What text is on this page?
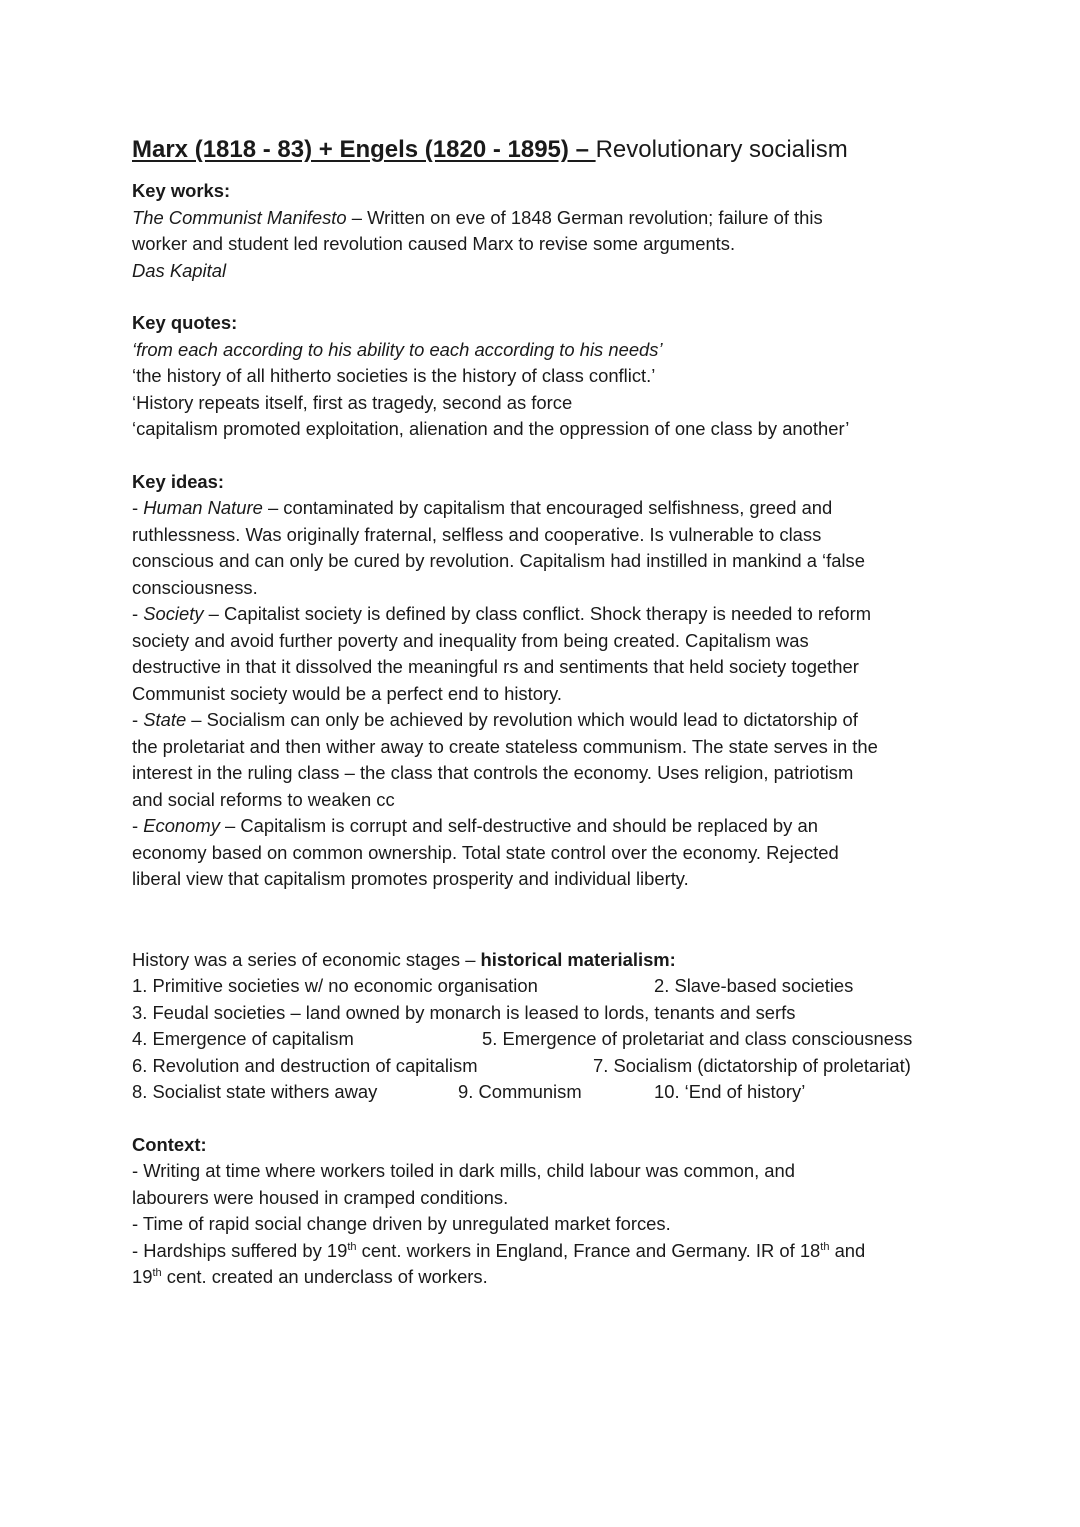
Marx (1818 - 83) + Engels (1820 - 1895) – Revolutionary socialism
Key works:
The Communist Manifesto – Written on eve of 1848 German revolution; failure of this
worker and student led revolution caused Marx to revise some arguments.
Das Kapital
Key quotes:
‘from each according to his ability to each according to his needs’
‘the history of all hitherto societies is the history of class conflict.’
‘History repeats itself, first as tragedy, second as force
‘capitalism promoted exploitation, alienation and the oppression of one class by another’
Key ideas:
- Human Nature – contaminated by capitalism that encouraged selfishness, greed and
ruthlessness. Was originally fraternal, selfless and cooperative. Is vulnerable to class
conscious and can only be cured by revolution. Capitalism had instilled in mankind a ‘false
consciousness.
- Society – Capitalist society is defined by class conflict. Shock therapy is needed to reform
society and avoid further poverty and inequality from being created. Capitalism was
destructive in that it dissolved the meaningful rs and sentiments that held society together
Communist society would be a perfect end to history.
- State – Socialism can only be achieved by revolution which would lead to dictatorship of
the proletariat and then wither away to create stateless communism. The state serves in the
interest in the ruling class – the class that controls the economy. Uses religion, patriotism
and social reforms to weaken cc
- Economy – Capitalism is corrupt and self-destructive and should be replaced by an
economy based on common ownership. Total state control over the economy. Rejected
liberal view that capitalism promotes prosperity and individual liberty.
History was a series of economic stages – historical materialism:
1. Primitive societies w/ no economic organisation	2. Slave-based societies
3. Feudal societies – land owned by monarch is leased to lords, tenants and serfs
4. Emergence of capitalism	5. Emergence of proletariat and class consciousness
6. Revolution and destruction of capitalism	7. Socialism (dictatorship of proletariat)
8. Socialist state withers away	9. Communism	10. ‘End of history’
Context:
- Writing at time where workers toiled in dark mills, child labour was common, and
labourers were housed in cramped conditions.
- Time of rapid social change driven by unregulated market forces.
- Hardships suffered by 19th cent. workers in England, France and Germany. IR of 18th and
19th cent. created an underclass of workers.
